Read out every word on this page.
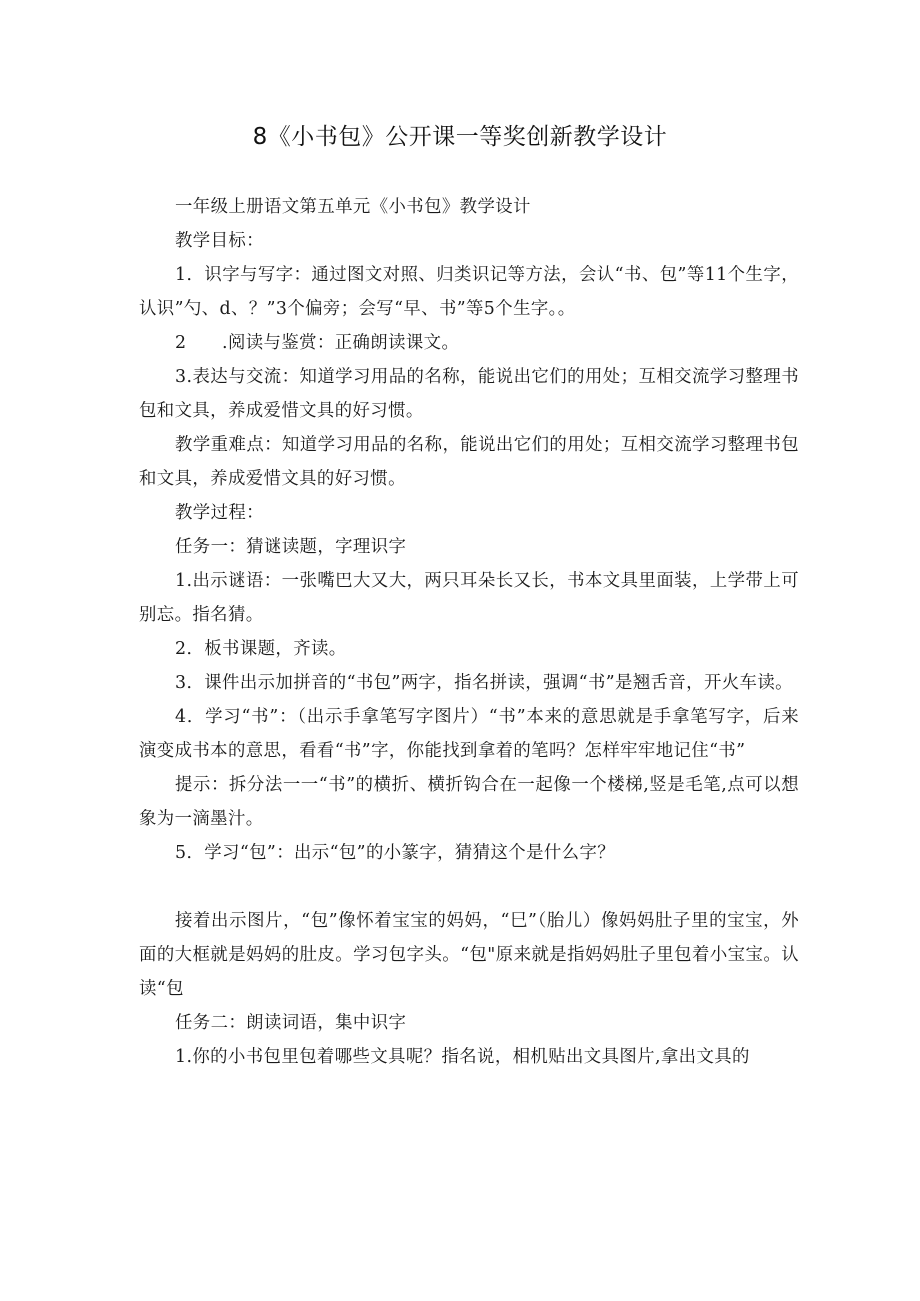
8《小书包》公开课一等奖创新教学设计

一年级上册语文第五单元《小书包》教学设计

教学目标：

1．识字与写字：通过图文对照、归类识记等方法，会认“书、包”等11个生字，认识”勺、d、？”3个偏旁；会写“早、书”等5个生字。。

2　　.阅读与鉴赏：正确朗读课文。

3.表达与交流：知道学习用品的名称，能说出它们的用处；互相交流学习整理书包和文具，养成爱惜文具的好习惯。

教学重难点：知道学习用品的名称，能说出它们的用处；互相交流学习整理书包和文具，养成爱惜文具的好习惯。

教学过程：

任务一：猜谜读题，字理识字

1.出示谜语：一张嘴巴大又大，两只耳朵长又长，书本文具里面装，上学带上可别忘。指名猜。

2．板书课题，齐读。

3．课件出示加拼音的“书包”两字，指名拼读，强调“书”是翘舌音，开火车读。

4．学习“书”：（出示手拿笔写字图片）“书”本来的意思就是手拿笔写字，后来演变成书本的意思，看看“书”字，你能找到拿着的笔吗？怎样牢牢地记住“书”

提示：拆分法一一“书”的横折、横折钩合在一起像一个楼梯,竖是毛笔,点可以想象为一滴墨汁。

5．学习“包”：出示“包”的小篆字，猜猜这个是什么字？

接着出示图片，“包”像怀着宝宝的妈妈，“巳”（胎儿）像妈妈肚子里的宝宝，外面的大框就是妈妈的肚皮。学习包字头。“包"原来就是指妈妈肚子里包着小宝宝。认读“包

任务二：朗读词语，集中识字

1.你的小书包里包着哪些文具呢？指名说，相机贴出文具图片,拿出文具的
